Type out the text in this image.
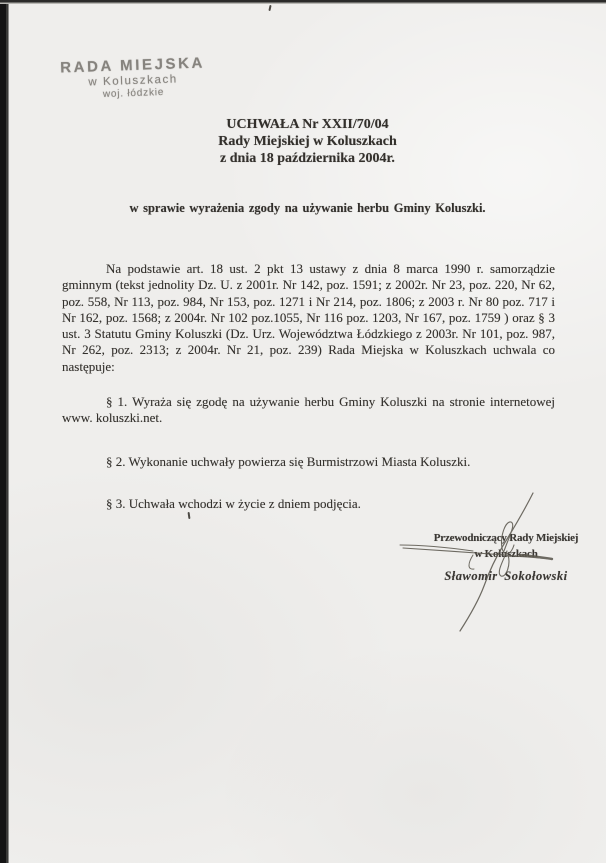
RADA MIEJSKA
w Koluszkach
woj. łódzkie
UCHWAŁA Nr XXII/70/04
Rady Miejskiej w Koluszkach
z dnia 18 października 2004r.
w sprawie wyrażenia zgody na używanie herbu Gminy Koluszki.
Na podstawie art. 18 ust. 2 pkt 13 ustawy z dnia 8 marca 1990 r. samorządzie
gminnym (tekst jednolity Dz. U. z 2001r. Nr 142, poz. 1591; z 2002r. Nr 23, poz. 220, Nr 62,
poz. 558, Nr 113, poz. 984, Nr 153, poz. 1271 i Nr 214, poz. 1806; z 2003 r. Nr 80 poz. 717 i
Nr 162, poz. 1568; z 2004r. Nr 102 poz.1055, Nr 116 poz. 1203, Nr 167, poz. 1759 ) oraz § 3
ust. 3 Statutu Gminy Koluszki (Dz. Urz. Województwa Łódzkiego z 2003r. Nr 101, poz. 987,
Nr 262, poz. 2313; z 2004r. Nr 21, poz. 239) Rada Miejska w Koluszkach uchwala co
następuje:
§ 1. Wyraża się zgodę na używanie herbu Gminy Koluszki na stronie internetowej
www. koluszki.net.
§ 2. Wykonanie uchwały powierza się Burmistrzowi Miasta Koluszki.
§ 3. Uchwała wchodzi w życie z dniem podjęcia.
Przewodniczący Rady Miejskiej
w Koluszkach
Sławomir Sokołowski
